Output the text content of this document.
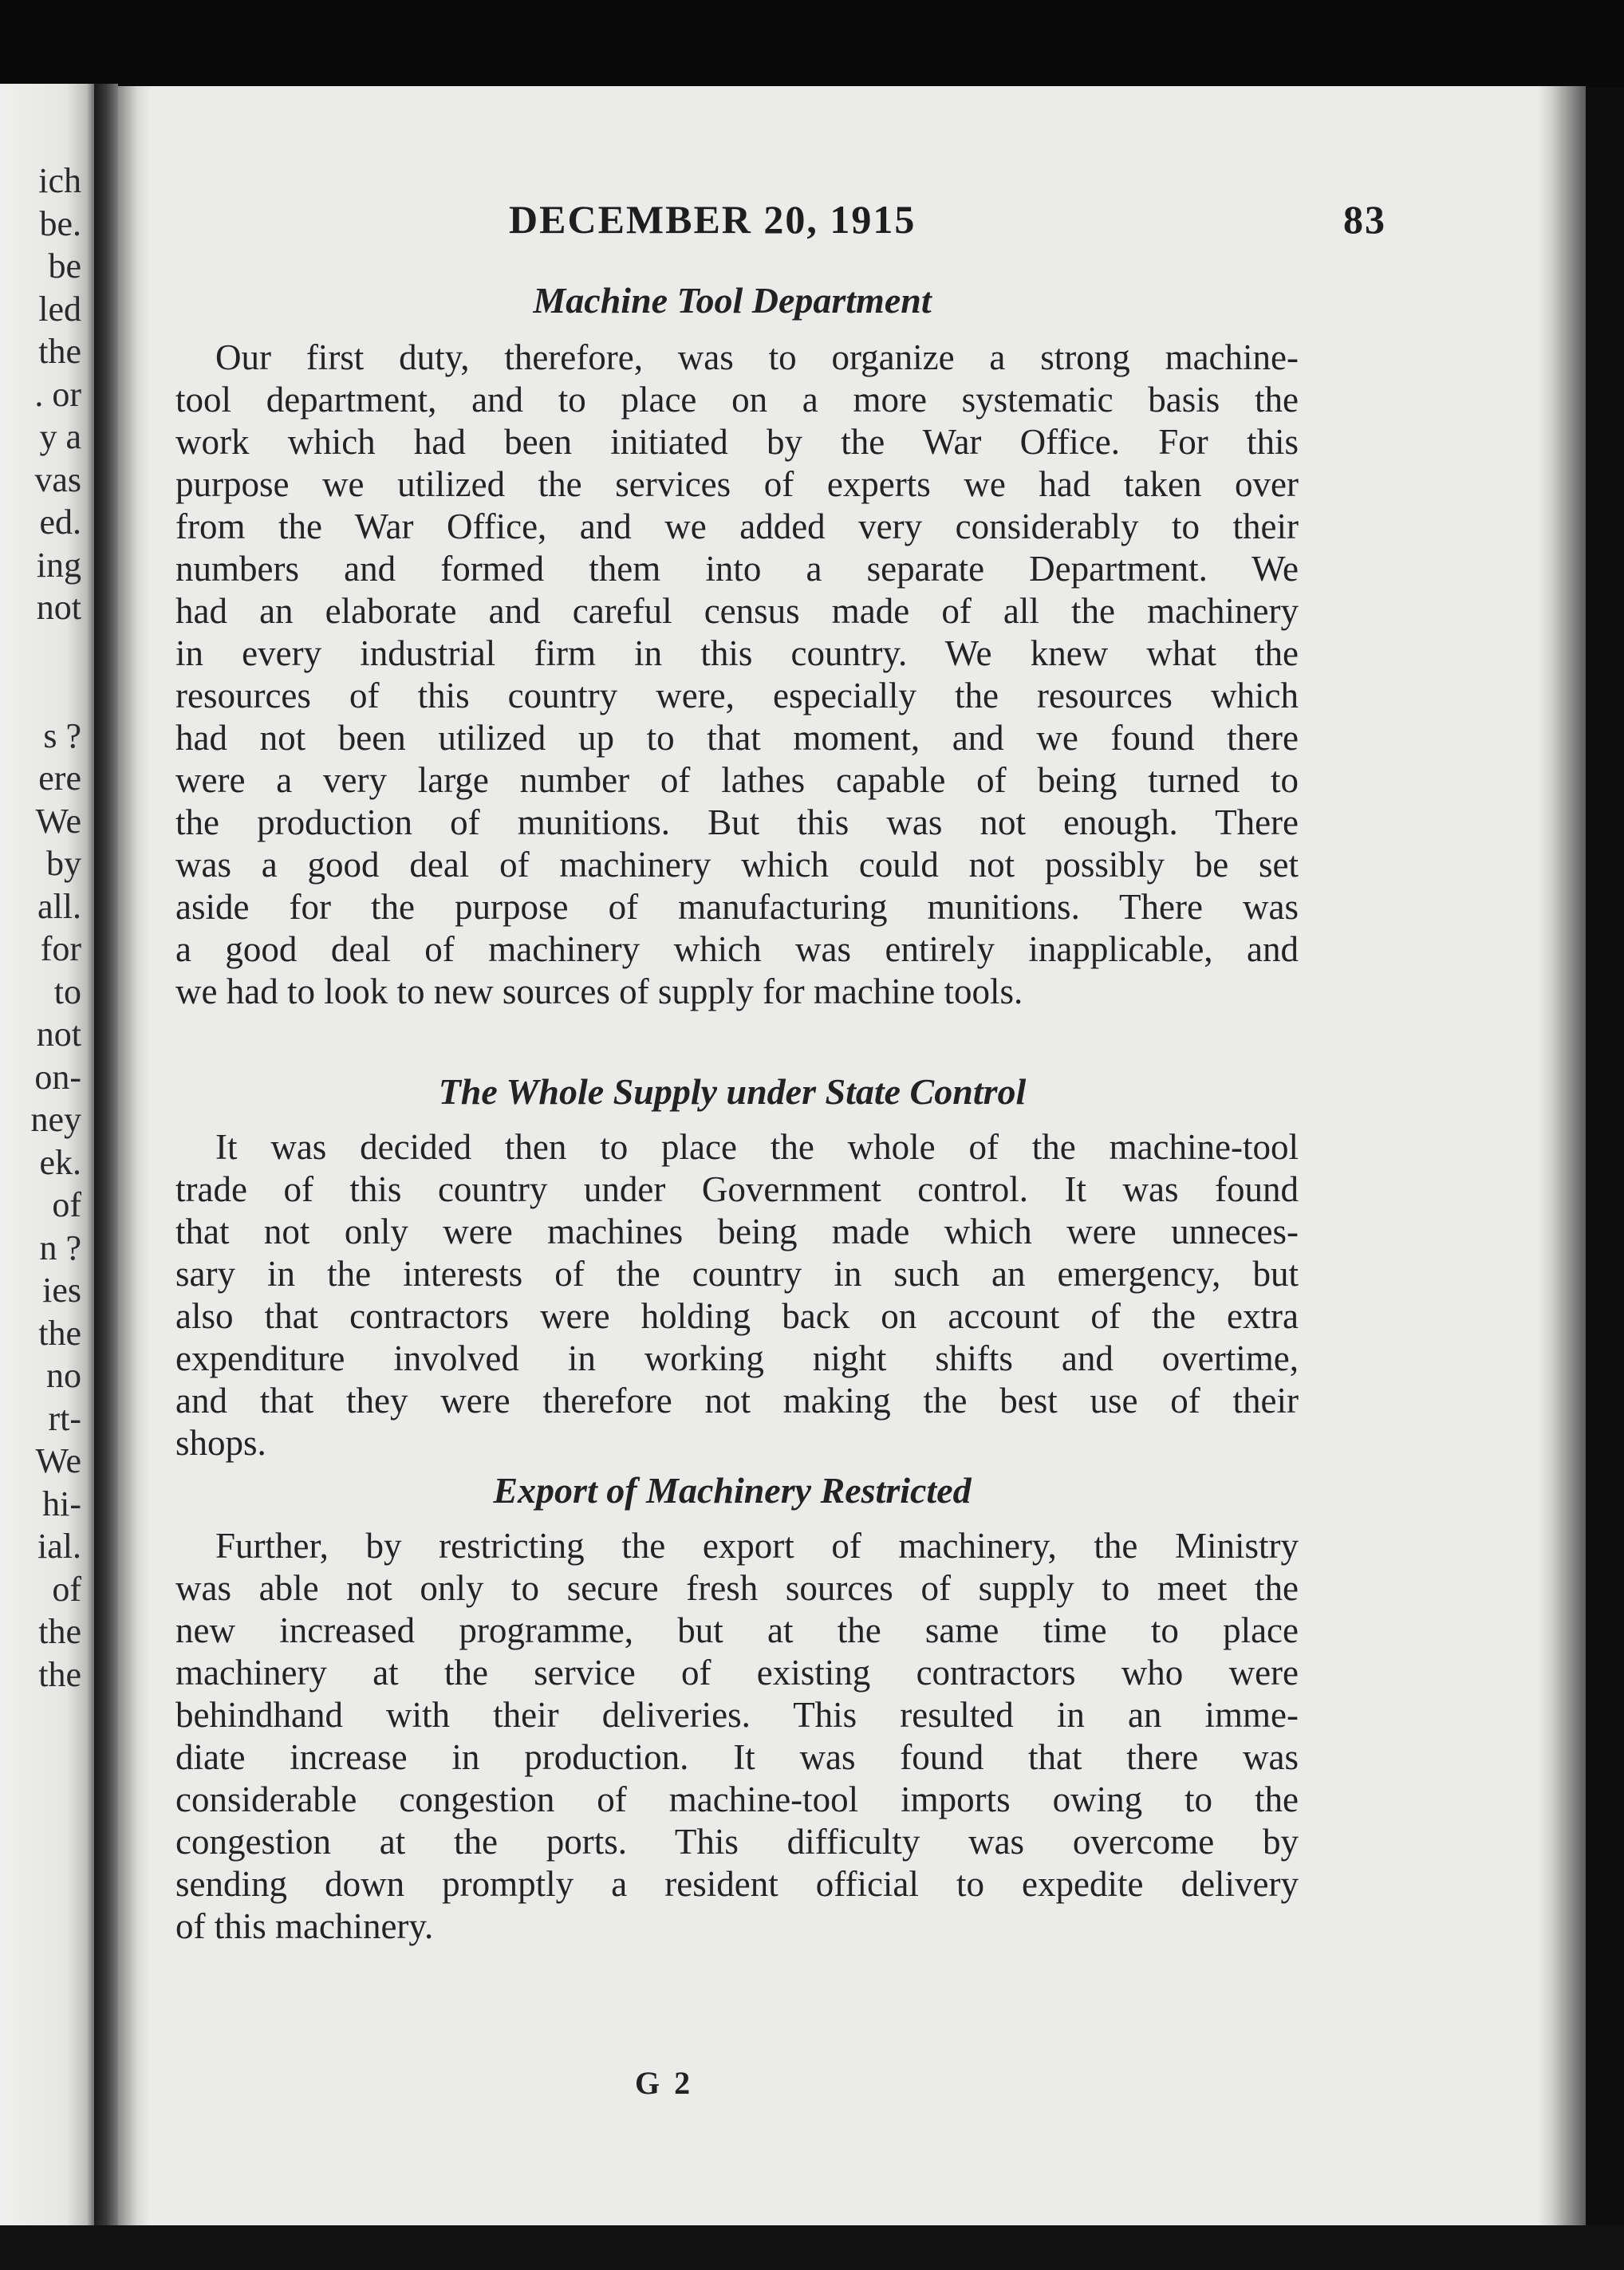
ich
be.
be
led
the
. or
y a
vas
ed.
ing
not
s ?
ere
We
by
all.
for
to
not
on-
ney
ek.
of
n ?
ies
the
no
rt-
We
hi-
ial.
of
the
the
DECEMBER 20, 1915	83
Machine Tool Department
Our first duty, therefore, was to organize a strong machine-
tool department, and to place on a more systematic basis the
work which had been initiated by the War Office. For this
purpose we utilized the services of experts we had taken over
from the War Office, and we added very considerably to their
numbers and formed them into a separate Department. We
had an elaborate and careful census made of all the machinery
in every industrial firm in this country. We knew what the
resources of this country were, especially the resources which
had not been utilized up to that moment, and we found there
were a very large number of lathes capable of being turned to
the production of munitions. But this was not enough. There
was a good deal of machinery which could not possibly be set
aside for the purpose of manufacturing munitions. There was
a good deal of machinery which was entirely inapplicable, and
we had to look to new sources of supply for machine tools.
The Whole Supply under State Control
It was decided then to place the whole of the machine-tool
trade of this country under Government control. It was found
that not only were machines being made which were unneces-
sary in the interests of the country in such an emergency, but
also that contractors were holding back on account of the extra
expenditure involved in working night shifts and overtime,
and that they were therefore not making the best use of their
shops.
Export of Machinery Restricted
Further, by restricting the export of machinery, the Ministry
was able not only to secure fresh sources of supply to meet the
new increased programme, but at the same time to place
machinery at the service of existing contractors who were
behindhand with their deliveries. This resulted in an imme-
diate increase in production. It was found that there was
considerable congestion of machine-tool imports owing to the
congestion at the ports. This difficulty was overcome by
sending down promptly a resident official to expedite delivery
of this machinery.
G 2
